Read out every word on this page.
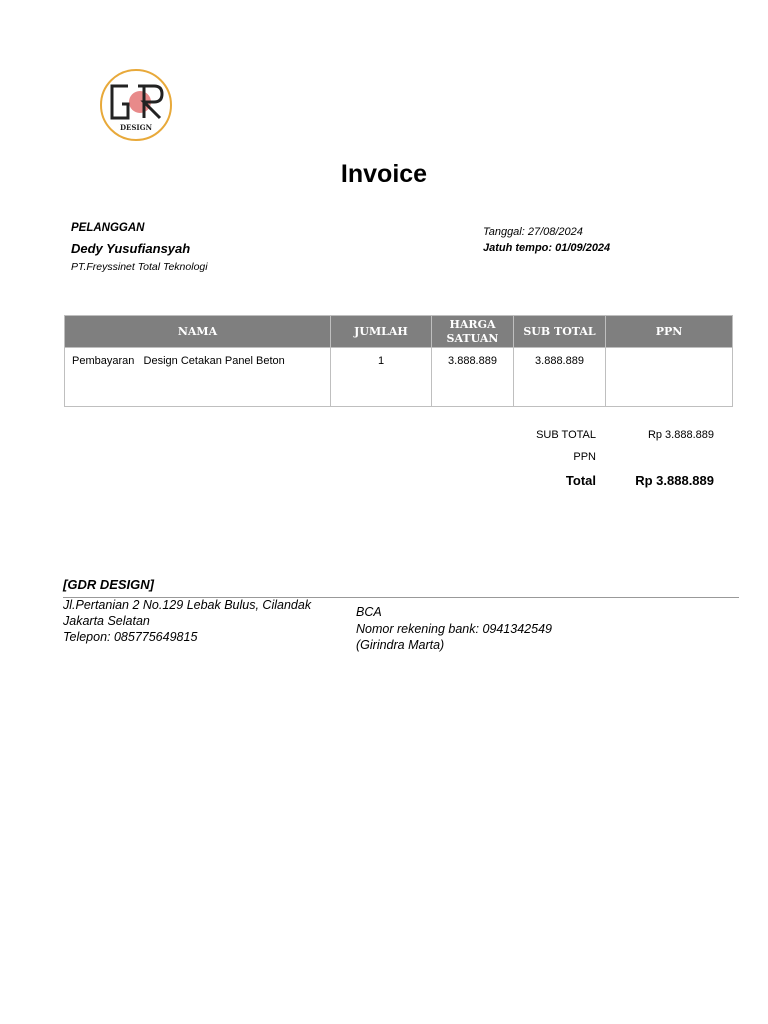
DESIGN
Invoice
PELANGGAN
Dedy Yusufiansyah
PT.Freyssinet Total Teknologi
Tanggal: 27/08/2024
Jatuh tempo: 01/09/2024
NAMA	JUMLAH	HARGA SATUAN	SUB TOTAL	PPN
Pembayaran   Design Cetakan Panel Beton	1	3.888.889	3.888.889	
SUB TOTAL	Rp 3.888.889
PPN
Total	Rp 3.888.889
[GDR DESIGN]
Jl.Pertanian 2 No.129 Lebak Bulus, Cilandak
Jakarta Selatan
Telepon: 085775649815
BCA
Nomor rekening bank: 0941342549
(Girindra Marta)
